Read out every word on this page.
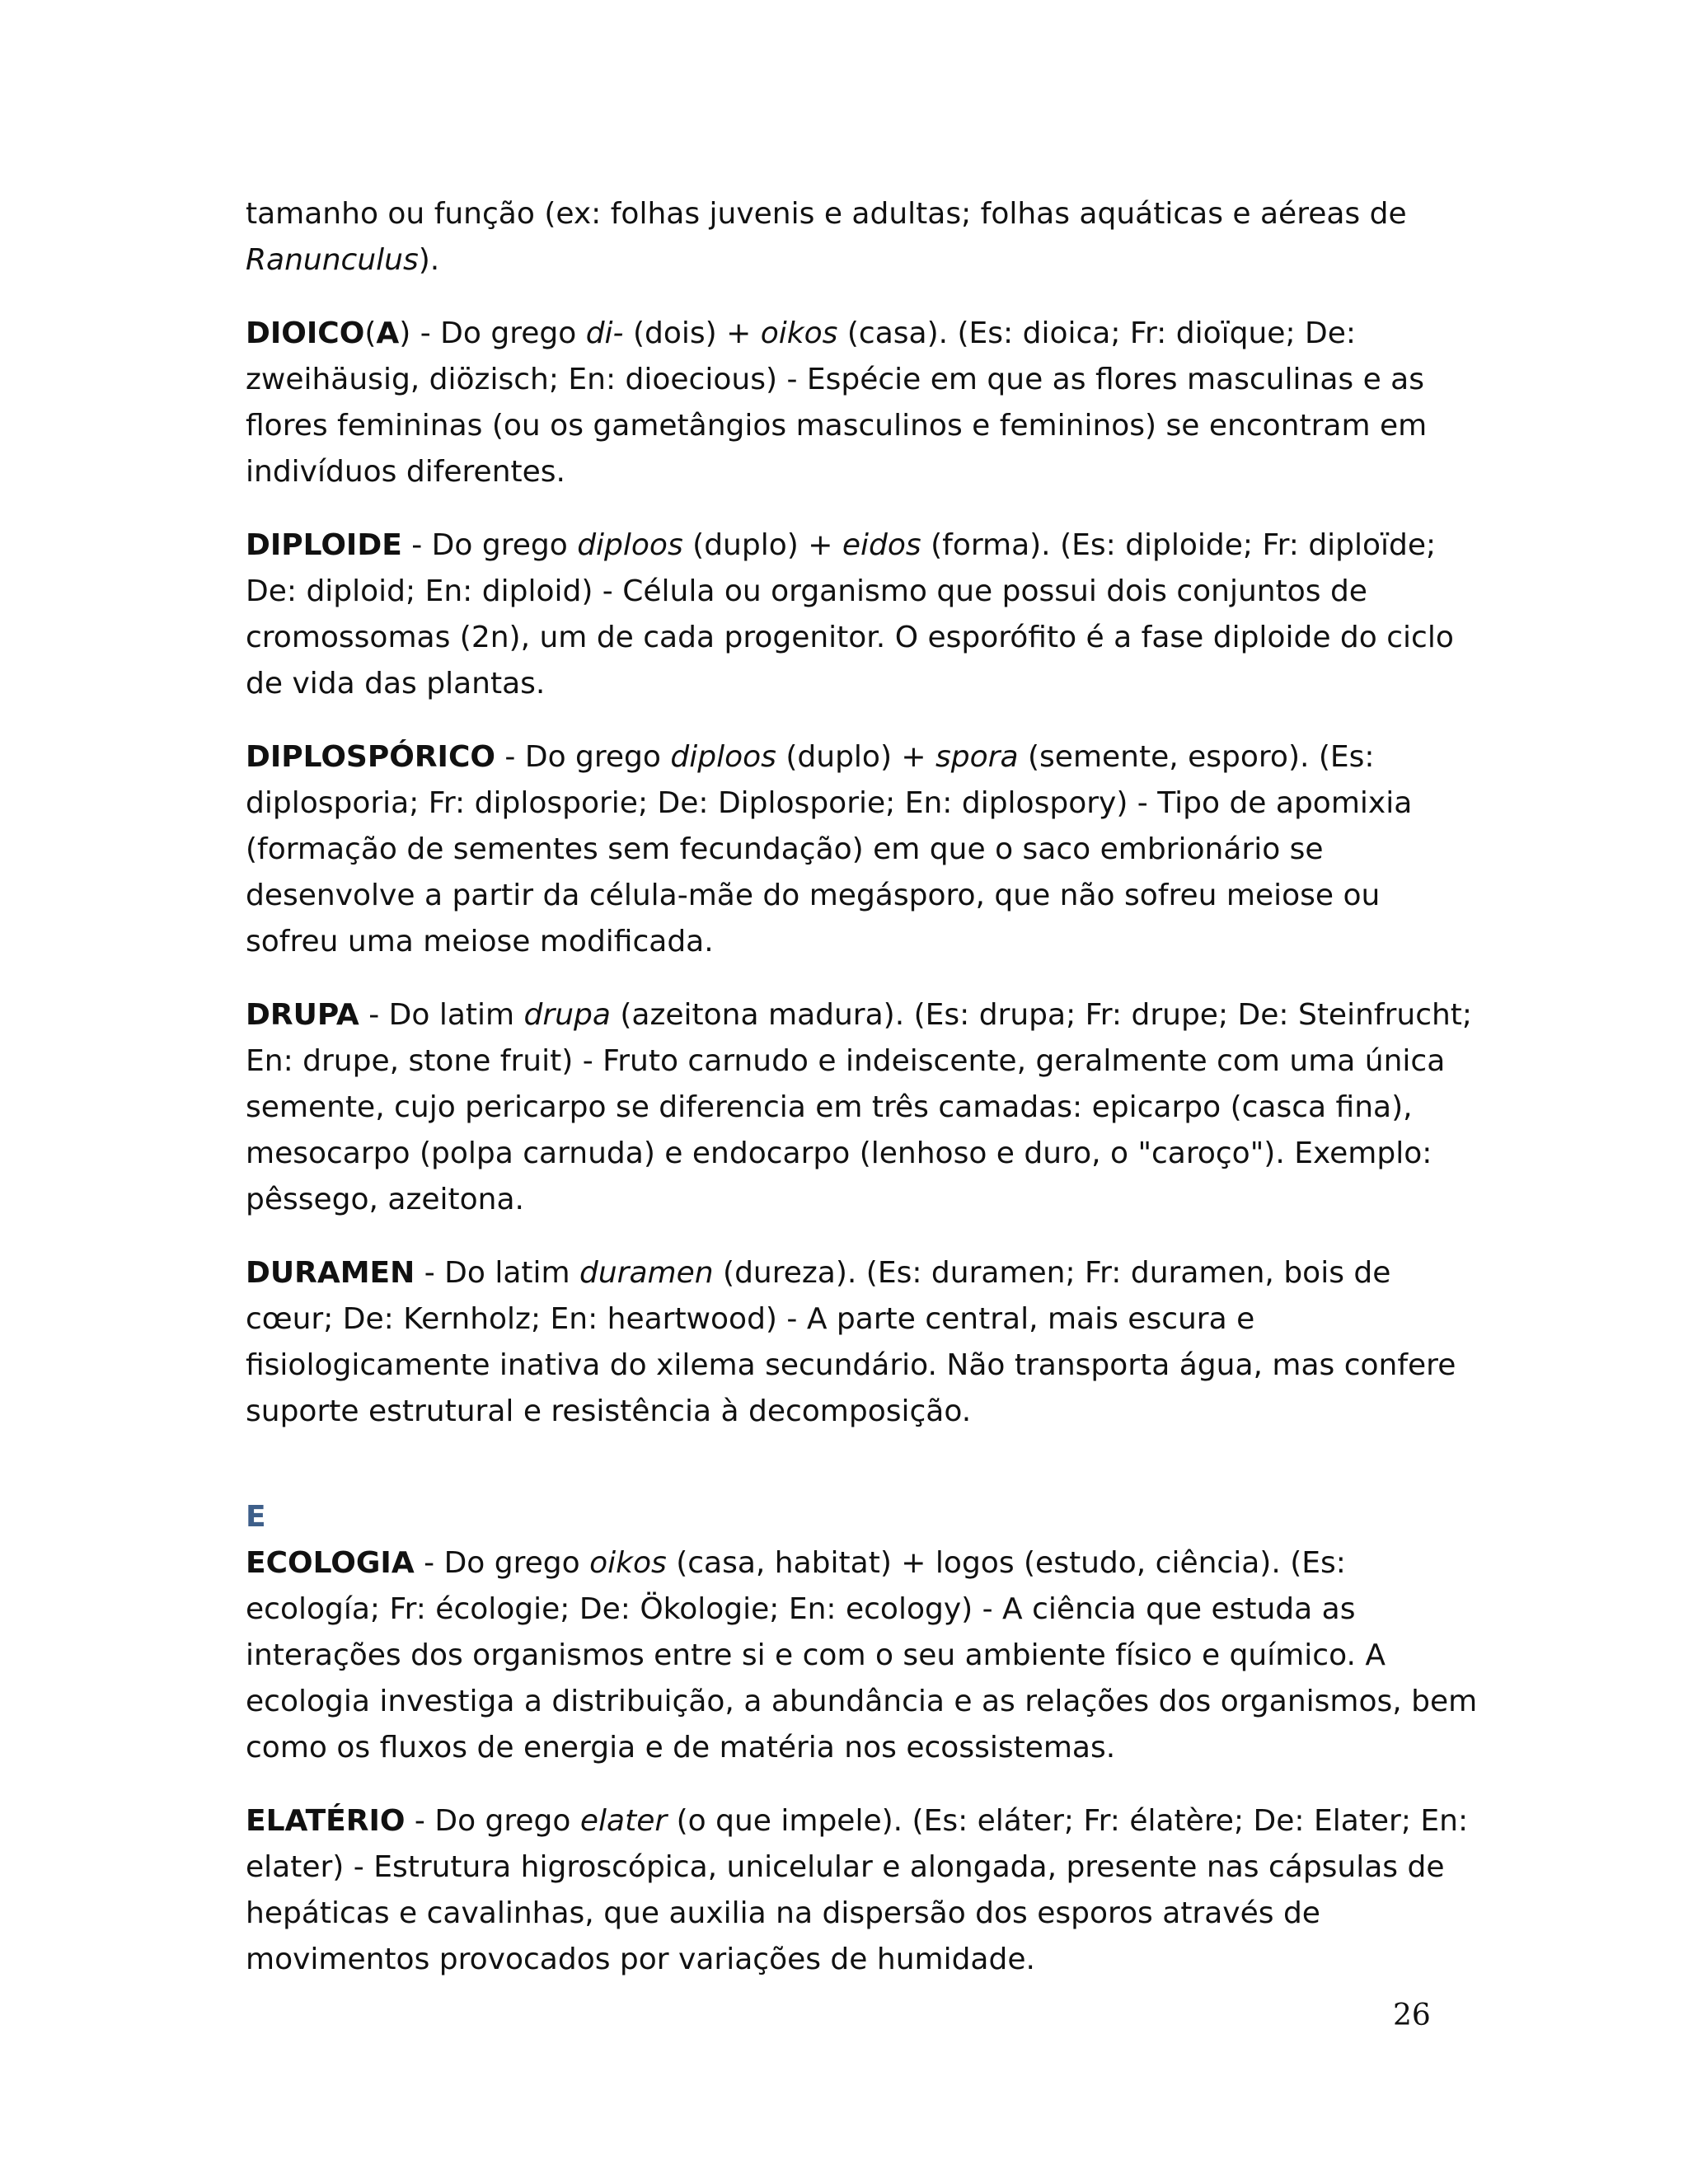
tamanho ou função (ex: folhas juvenis e adultas; folhas aquáticas e aéreas de Ranunculus).

DIOICO(A) - Do grego di- (dois) + oikos (casa). (Es: dioica; Fr: dioïque; De: zweihäusig, diözisch; En: dioecious) - Espécie em que as flores masculinas e as flores femininas (ou os gametângios masculinos e femininos) se encontram em indivíduos diferentes.

DIPLOIDE - Do grego diploos (duplo) + eidos (forma). (Es: diploide; Fr: diploïde; De: diploid; En: diploid) - Célula ou organismo que possui dois conjuntos de cromossomas (2n), um de cada progenitor. O esporófito é a fase diploide do ciclo de vida das plantas.

DIPLOSPÓRICO - Do grego diploos (duplo) + spora (semente, esporo). (Es: diplosporia; Fr: diplosporie; De: Diplosporie; En: diplospory) - Tipo de apomixia (formação de sementes sem fecundação) em que o saco embrionário se desenvolve a partir da célula-mãe do megásporo, que não sofreu meiose ou sofreu uma meiose modificada.

DRUPA - Do latim drupa (azeitona madura). (Es: drupa; Fr: drupe; De: Steinfrucht; En: drupe, stone fruit) - Fruto carnudo e indeiscente, geralmente com uma única semente, cujo pericarpo se diferencia em três camadas: epicarpo (casca fina), mesocarpo (polpa carnuda) e endocarpo (lenhoso e duro, o "caroço"). Exemplo: pêssego, azeitona.

DURAMEN - Do latim duramen (dureza). (Es: duramen; Fr: duramen, bois de cœur; De: Kernholz; En: heartwood) - A parte central, mais escura e fisiologicamente inativa do xilema secundário. Não transporta água, mas confere suporte estrutural e resistência à decomposição.

E

ECOLOGIA - Do grego oikos (casa, habitat) + logos (estudo, ciência). (Es: ecología; Fr: écologie; De: Ökologie; En: ecology) - A ciência que estuda as interações dos organismos entre si e com o seu ambiente físico e químico. A ecologia investiga a distribuição, a abundância e as relações dos organismos, bem como os fluxos de energia e de matéria nos ecossistemas.

ELATÉRIO - Do grego elater (o que impele). (Es: eláter; Fr: élatère; De: Elater; En: elater) - Estrutura higroscópica, unicelular e alongada, presente nas cápsulas de hepáticas e cavalinhas, que auxilia na dispersão dos esporos através de movimentos provocados por variações de humidade.

26
